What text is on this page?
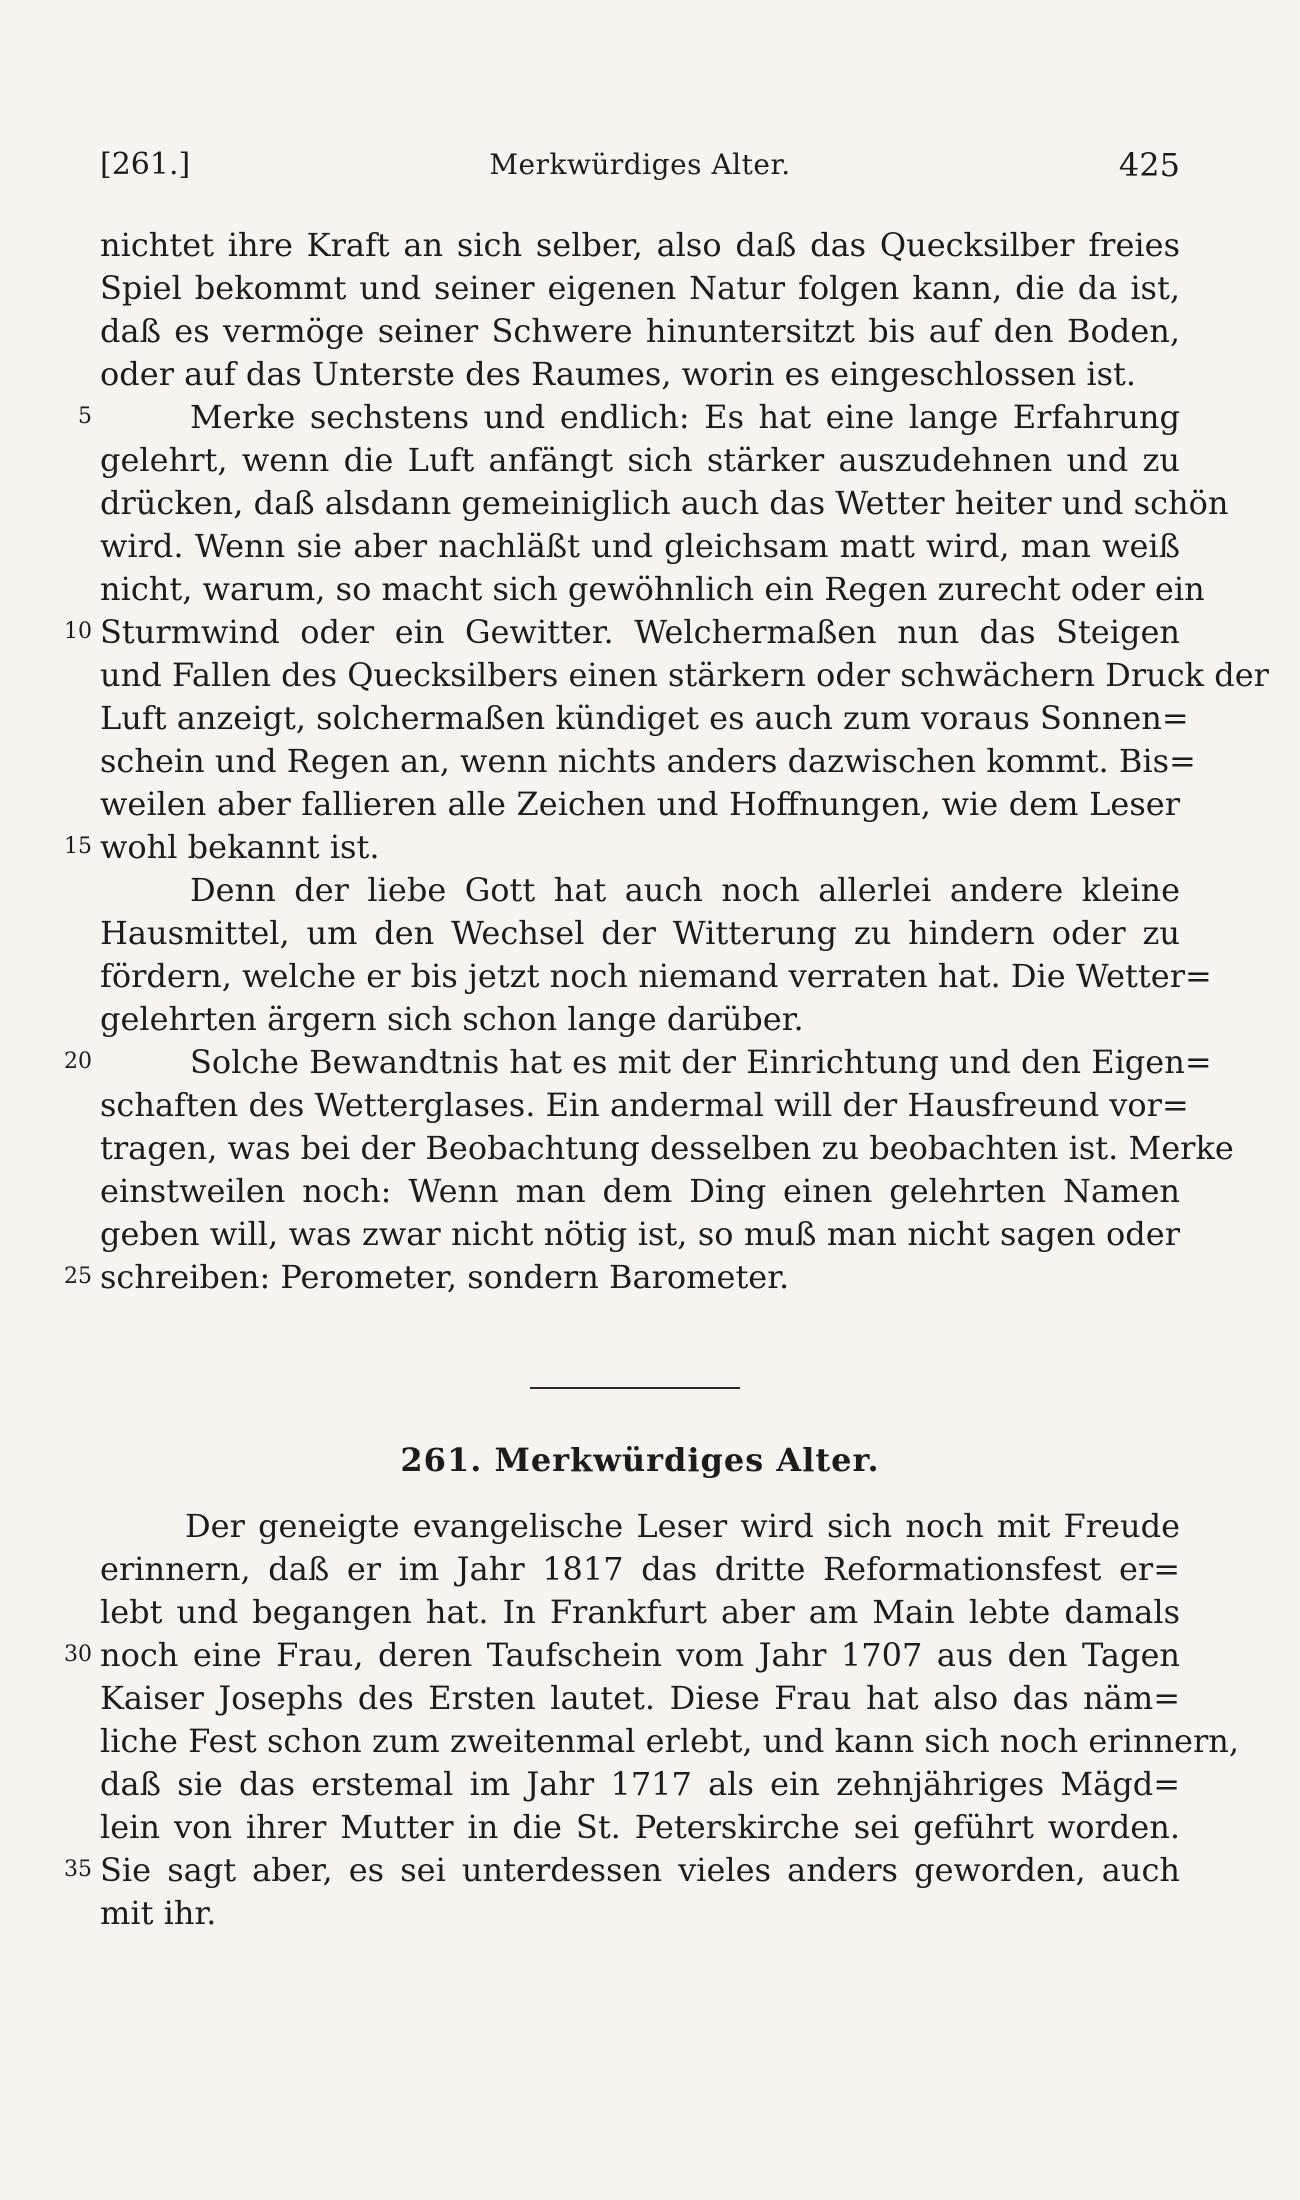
[261.]	Merkwürdiges Alter.	425
nichtet ihre Kraft an sich selber, also daß das Quecksilber freies
Spiel bekommt und seiner eigenen Natur folgen kann, die da ist,
daß es vermöge seiner Schwere hinuntersitzt bis auf den Boden,
oder auf das Unterste des Raumes, worin es eingeschlossen ist.
5	Merke sechstens und endlich: Es hat eine lange Erfahrung
gelehrt, wenn die Luft anfängt sich stärker auszudehnen und zu
drücken, daß alsdann gemeiniglich auch das Wetter heiter und schön
wird. Wenn sie aber nachläßt und gleichsam matt wird, man weiß
nicht, warum, so macht sich gewöhnlich ein Regen zurecht oder ein
10 Sturmwind oder ein Gewitter. Welchermaßen nun das Steigen
und Fallen des Quecksilbers einen stärkern oder schwächern Druck der
Luft anzeigt, solchermaßen kündiget es auch zum voraus Sonnen=
schein und Regen an, wenn nichts anders dazwischen kommt. Bis=
weilen aber fallieren alle Zeichen und Hoffnungen, wie dem Leser
15 wohl bekannt ist.
Denn der liebe Gott hat auch noch allerlei andere kleine
Hausmittel, um den Wechsel der Witterung zu hindern oder zu
fördern, welche er bis jetzt noch niemand verraten hat. Die Wetter=
gelehrten ärgern sich schon lange darüber.
20	Solche Bewandtnis hat es mit der Einrichtung und den Eigen=
schaften des Wetterglases. Ein andermal will der Hausfreund vor=
tragen, was bei der Beobachtung desselben zu beobachten ist. Merke
einstweilen noch: Wenn man dem Ding einen gelehrten Namen
geben will, was zwar nicht nötig ist, so muß man nicht sagen oder
25 schreiben: Perometer, sondern Barometer.
261. Merkwürdiges Alter.
Der geneigte evangelische Leser wird sich noch mit Freude
erinnern, daß er im Jahr 1817 das dritte Reformationsfest er=
lebt und begangen hat. In Frankfurt aber am Main lebte damals
30 noch eine Frau, deren Taufschein vom Jahr 1707 aus den Tagen
Kaiser Josephs des Ersten lautet. Diese Frau hat also das näm=
liche Fest schon zum zweitenmal erlebt, und kann sich noch erinnern,
daß sie das erstemal im Jahr 1717 als ein zehnjähriges Mägd=
lein von ihrer Mutter in die St. Peterskirche sei geführt worden.
35 Sie sagt aber, es sei unterdessen vieles anders geworden, auch
mit ihr.
